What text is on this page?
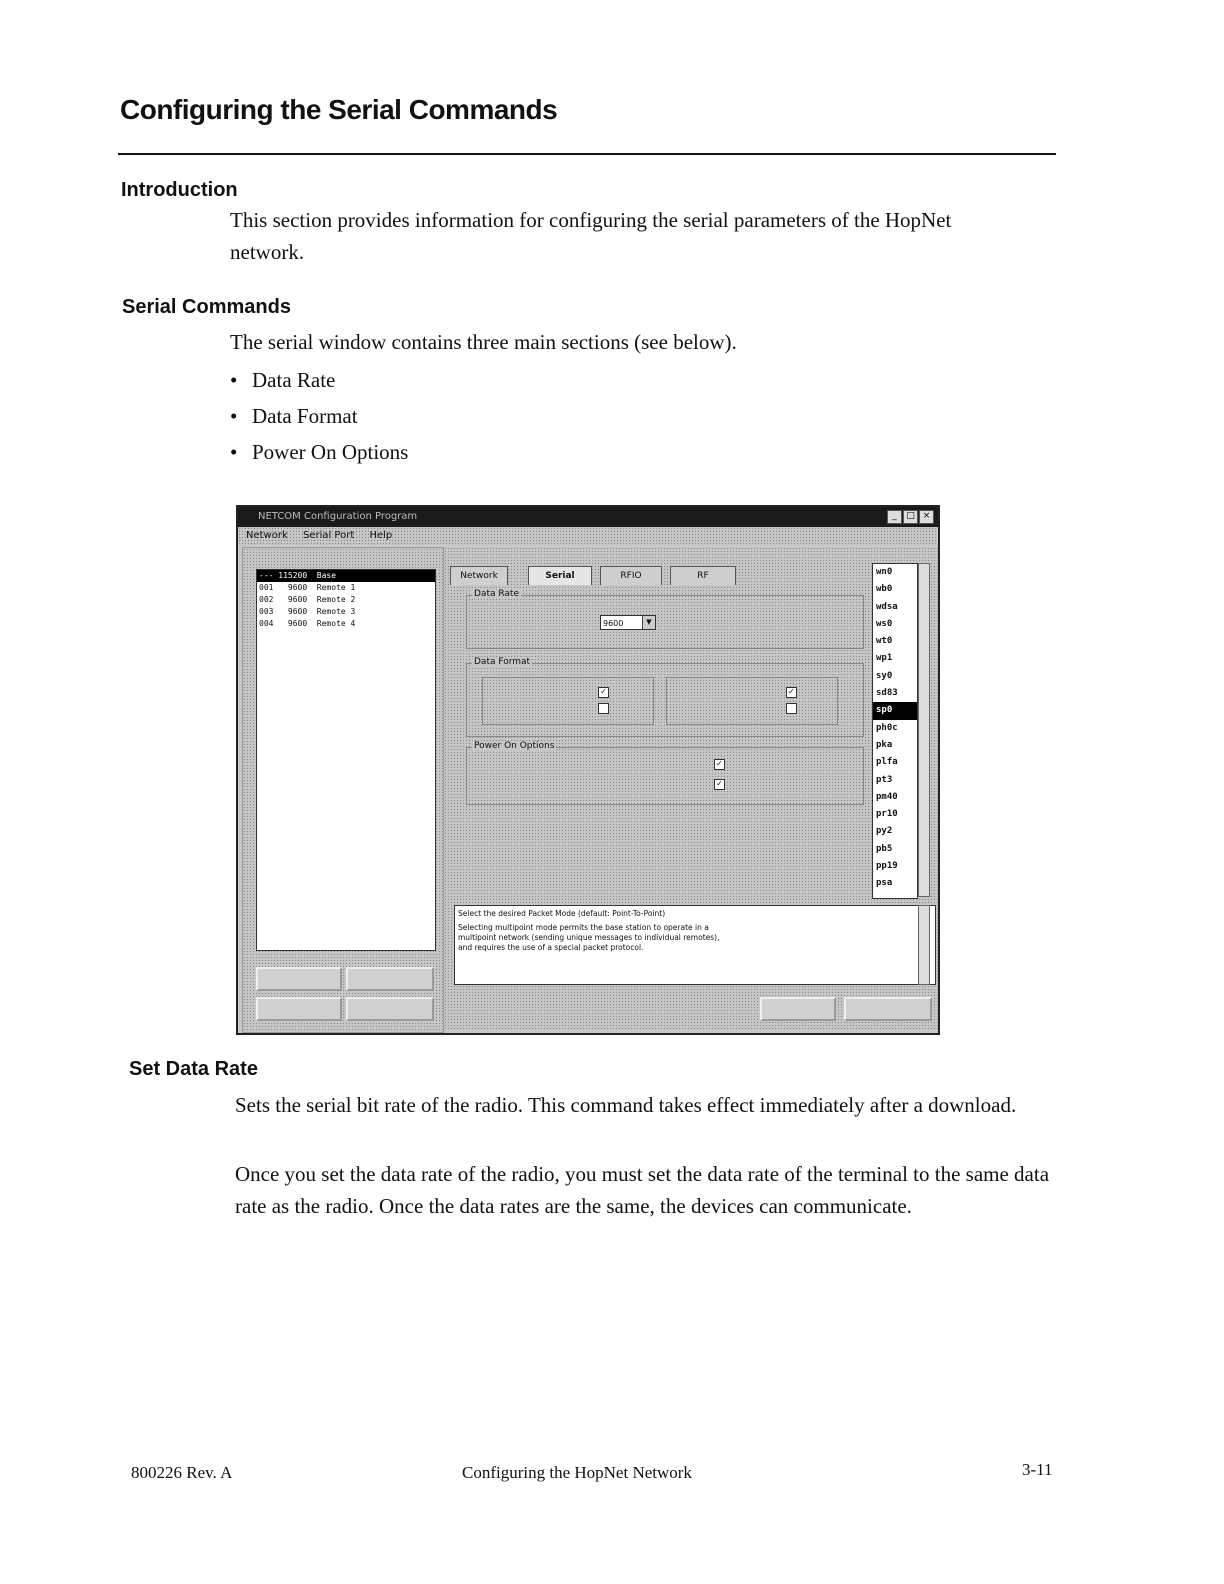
Configuring the Serial Commands
Introduction

This section provides information for configuring the serial parameters of the HopNet network.

Serial Commands

The serial window contains three main sections (see below).

• Data Rate
• Data Format
• Power On Options
NETCOM Configuration Program	_	□ ×
Network Serial Port Help
--- 115200  Base
001   9600  Remote 1
002   9600  Remote 2
003   9600  Remote 3
004   9600  Remote 4
Network	Serial	RFIO	RF
Data Rate
9600	▼
Data Format
✓	✓
Power On Options
✓
✓
wn0
wb0
wdsa
ws0
wt0
wp1
sy0
sd83
sp0
ph0c
pka
plfa
pt3
pm40
pr10
py2
pb5
pp19
psa
Select the desired Packet Mode (default: Point-To-Point)
Selecting multipoint mode permits the base station to operate in a
multipoint network (sending unique messages to individual remotes),
and requires the use of a special packet protocol.
Set Data Rate

Sets the serial bit rate of the radio. This command takes effect immediately after a download.

Once you set the data rate of the radio, you must set the data rate of the terminal to the same data rate as the radio. Once the data rates are the same, the devices can communicate.

800226 Rev. A	Configuring the HopNet Network	3-11
